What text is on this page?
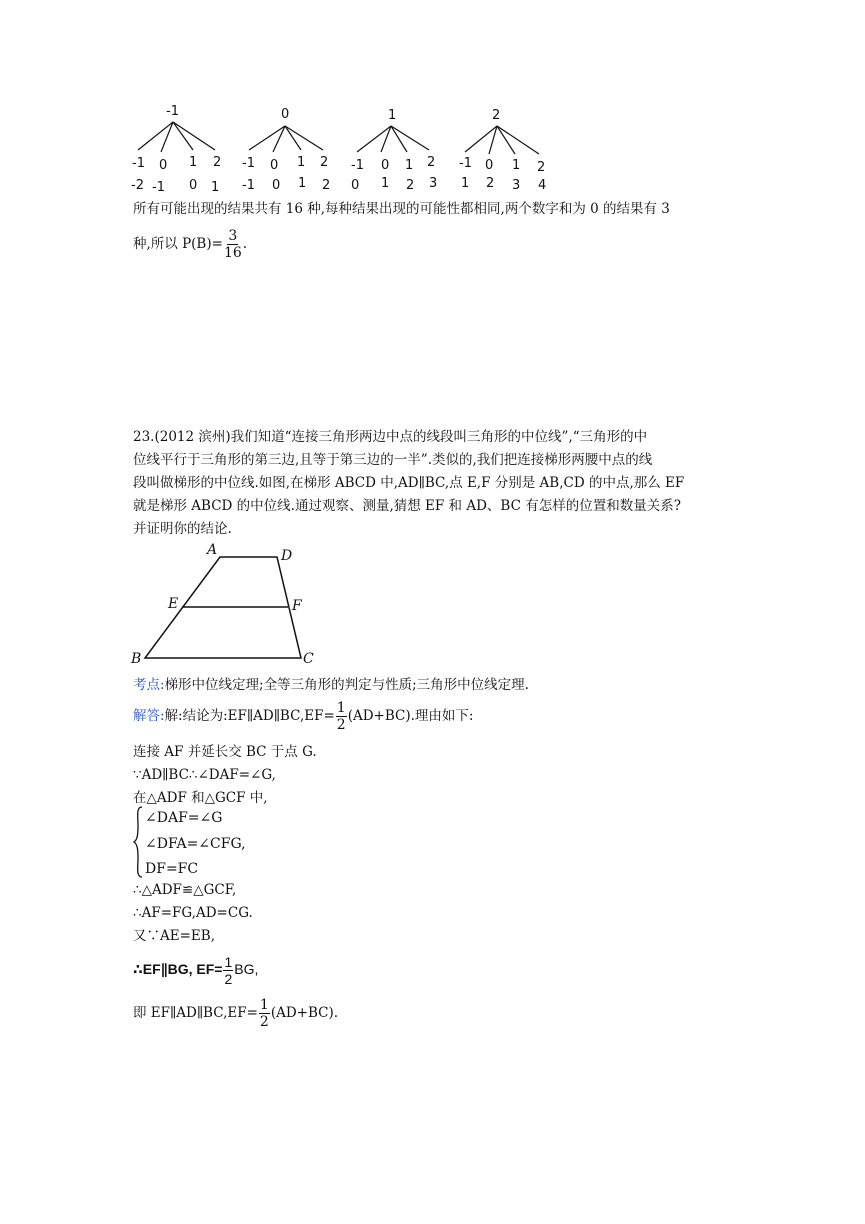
-1
-1 0 1 2
-2 -1 0 1
0
-1 0 1 2
-1 0 1 2
1
-1 0 1 2
0 1 2 3
2
-1 0 1 2
1 2 3 4
所有可能出现的结果共有 16 种,每种结果出现的可能性都相同,两个数字和为 0 的结果有 3
种,所以 $P(B)= \frac{3}{16}$ .
23.(2012 滨州)我们知道“连接三角形两边中点的线段叫三角形的中位线”,“三角形的中
位线平行于三角形的第三边,且等于第三边的一半”.类似的,我们把连接梯形两腰中点的线
段叫做梯形的中位线.如图,在梯形 ABCD 中,AD∥BC,点 E,F 分别是 AB,CD 的中点,那么 EF
就是梯形 ABCD 的中位线.通过观察、测量,猜想 EF 和 AD、BC 有怎样的位置和数量关系?
并证明你的结论.
A	D
E	F
B	C
考点:梯形中位线定理;全等三角形的判定与性质;三角形中位线定理.
解答:解:结论为:EF∥AD∥BC,EF= $\frac{1}{2} (AD+BC)$.理由如下:
连接 AF 并延长交 BC 于点 G.
∵AD∥BC∴∠DAF=∠G,
在△ADF 和△GCF 中,
∠DAF=∠G
∠DFA=∠CFG,
DF=FC
∴△ADF≌△GCF,
∴AF=FG,AD=CG.
又∵AE=EB,
∴EF∥BG, $EF= \frac{1}{2}$ BG,
即 EF∥AD∥BC,EF= $\frac{1}{2} (AD+BC)$.
